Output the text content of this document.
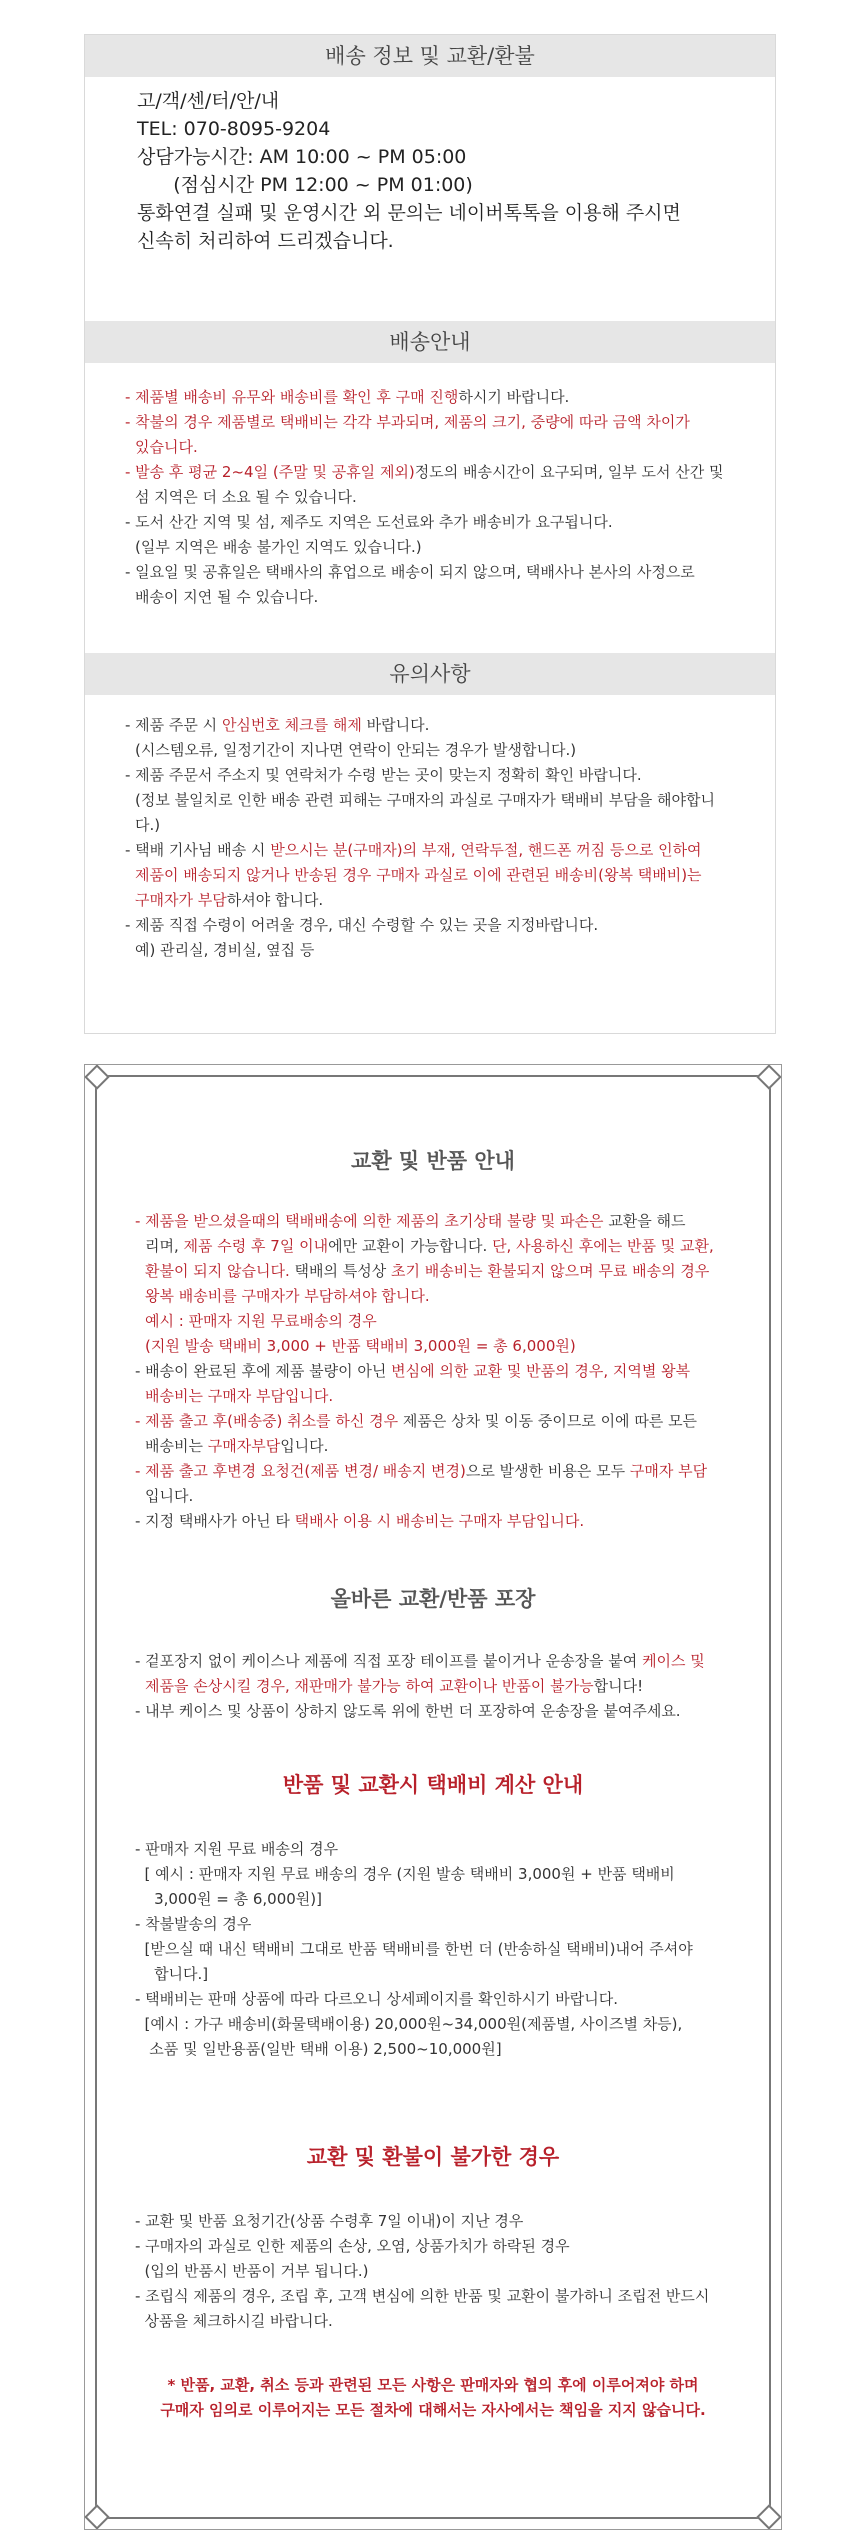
배송 정보 및 교환/환불
고/객/센/터/안/내
TEL: 070-8095-9204
상담가능시간: AM 10:00 ~ PM 05:00
(점심시간 PM 12:00 ~ PM 01:00)
통화연결 실패 및 운영시간 외 문의는 네이버톡톡을 이용해 주시면
신속히 처리하여 드리겠습니다.
배송안내

- 제품별 배송비 유무와 배송비를 확인 후 구매 진행하시기 바랍니다.

- 착불의 경우 제품별로 택배비는 각각 부과되며, 제품의 크기, 중량에 따라 금액 차이가

있습니다.

- 발송 후 평균 2~4일 (주말 및 공휴일 제외)정도의 배송시간이 요구되며, 일부 도서 산간 및

섬 지역은 더 소요 될 수 있습니다.

- 도서 산간 지역 및 섬, 제주도 지역은 도선료와 추가 배송비가 요구됩니다.

(일부 지역은 배송 불가인 지역도 있습니다.)

- 일요일 및 공휴일은 택배사의 휴업으로 배송이 되지 않으며, 택배사나 본사의 사정으로

배송이 지연 될 수 있습니다.

유의사항

- 제품 주문 시 안심번호 체크를 해제 바랍니다.

(시스템오류, 일정기간이 지나면 연락이 안되는 경우가 발생합니다.)

- 제품 주문서 주소지 및 연락처가 수령 받는 곳이 맞는지 정확히 확인 바랍니다.

(정보 불일치로 인한 배송 관련 피해는 구매자의 과실로 구매자가 택배비 부담을 해야합니다.)

- 택배 기사님 배송 시 받으시는 분(구매자)의 부재, 연락두절, 핸드폰 꺼짐 등으로 인하여

제품이 배송되지 않거나 반송된 경우 구매자 과실로 이에 관련된 배송비(왕복 택배비)는

구매자가 부담하셔야 합니다.

- 제품 직접 수령이 어려울 경우, 대신 수령할 수 있는 곳을 지정바랍니다.

예) 관리실, 경비실, 옆집 등

교환 및 반품 안내

- 제품을 받으셨을때의 택배배송에 의한 제품의 초기상태 불량 및 파손은 교환을 해드

리며, 제품 수령 후 7일 이내에만 교환이 가능합니다. 단, 사용하신 후에는 반품 및 교환,

환불이 되지 않습니다. 택배의 특성상 초기 배송비는 환불되지 않으며 무료 배송의 경우

왕복 배송비를 구매자가 부담하셔야 합니다.

예시 : 판매자 지원 무료배송의 경우

(지원 발송 택배비 3,000 + 반품 택배비 3,000원 = 총 6,000원)

- 배송이 완료된 후에 제품 불량이 아닌 변심에 의한 교환 및 반품의 경우, 지역별 왕복

배송비는 구매자 부담입니다.

- 제품 출고 후(배송중) 취소를 하신 경우 제품은 상차 및 이동 중이므로 이에 따른 모든

배송비는 구매자부담입니다.

- 제품 출고 후변경 요청건(제품 변경/ 배송지 변경)으로 발생한 비용은 모두 구매자 부담

입니다.

- 지정 택배사가 아닌 타 택배사 이용 시 배송비는 구매자 부담입니다.

올바른 교환/반품 포장

- 겉포장지 없이 케이스나 제품에 직접 포장 테이프를 붙이거나 운송장을 붙여 케이스 및

제품을 손상시킬 경우, 재판매가 불가능 하여 교환이나 반품이 불가능합니다!

- 내부 케이스 및 상품이 상하지 않도록 위에 한번 더 포장하여 운송장을 붙여주세요.

반품 및 교환시 택배비 계산 안내

- 판매자 지원 무료 배송의 경우

[ 예시 : 판매자 지원 무료 배송의 경우 (지원 발송 택배비 3,000원 + 반품 택배비

3,000원 = 총 6,000원)]

- 착불발송의 경우

[받으실 때 내신 택배비 그대로 반품 택배비를 한번 더 (반송하실 택배비)내어 주셔야

합니다.]

- 택배비는 판매 상품에 따라 다르오니 상세페이지를 확인하시기 바랍니다.

[예시 : 가구 배송비(화물택배이용) 20,000원~34,000원(제품별, 사이즈별 차등),

소품 및 일반용품(일반 택배 이용) 2,500~10,000원]

교환 및 환불이 불가한 경우

- 교환 및 반품 요청기간(상품 수령후 7일 이내)이 지난 경우

- 구매자의 과실로 인한 제품의 손상, 오염, 상품가치가 하락된 경우

(입의 반품시 반품이 거부 됩니다.)

- 조립식 제품의 경우, 조립 후, 고객 변심에 의한 반품 및 교환이 불가하니 조립전 반드시

상품을 체크하시길 바랍니다.

* 반품, 교환, 취소 등과 관련된 모든 사항은 판매자와 협의 후에 이루어져야 하며

구매자 임의로 이루어지는 모든 절차에 대해서는 자사에서는 책임을 지지 않습니다.
